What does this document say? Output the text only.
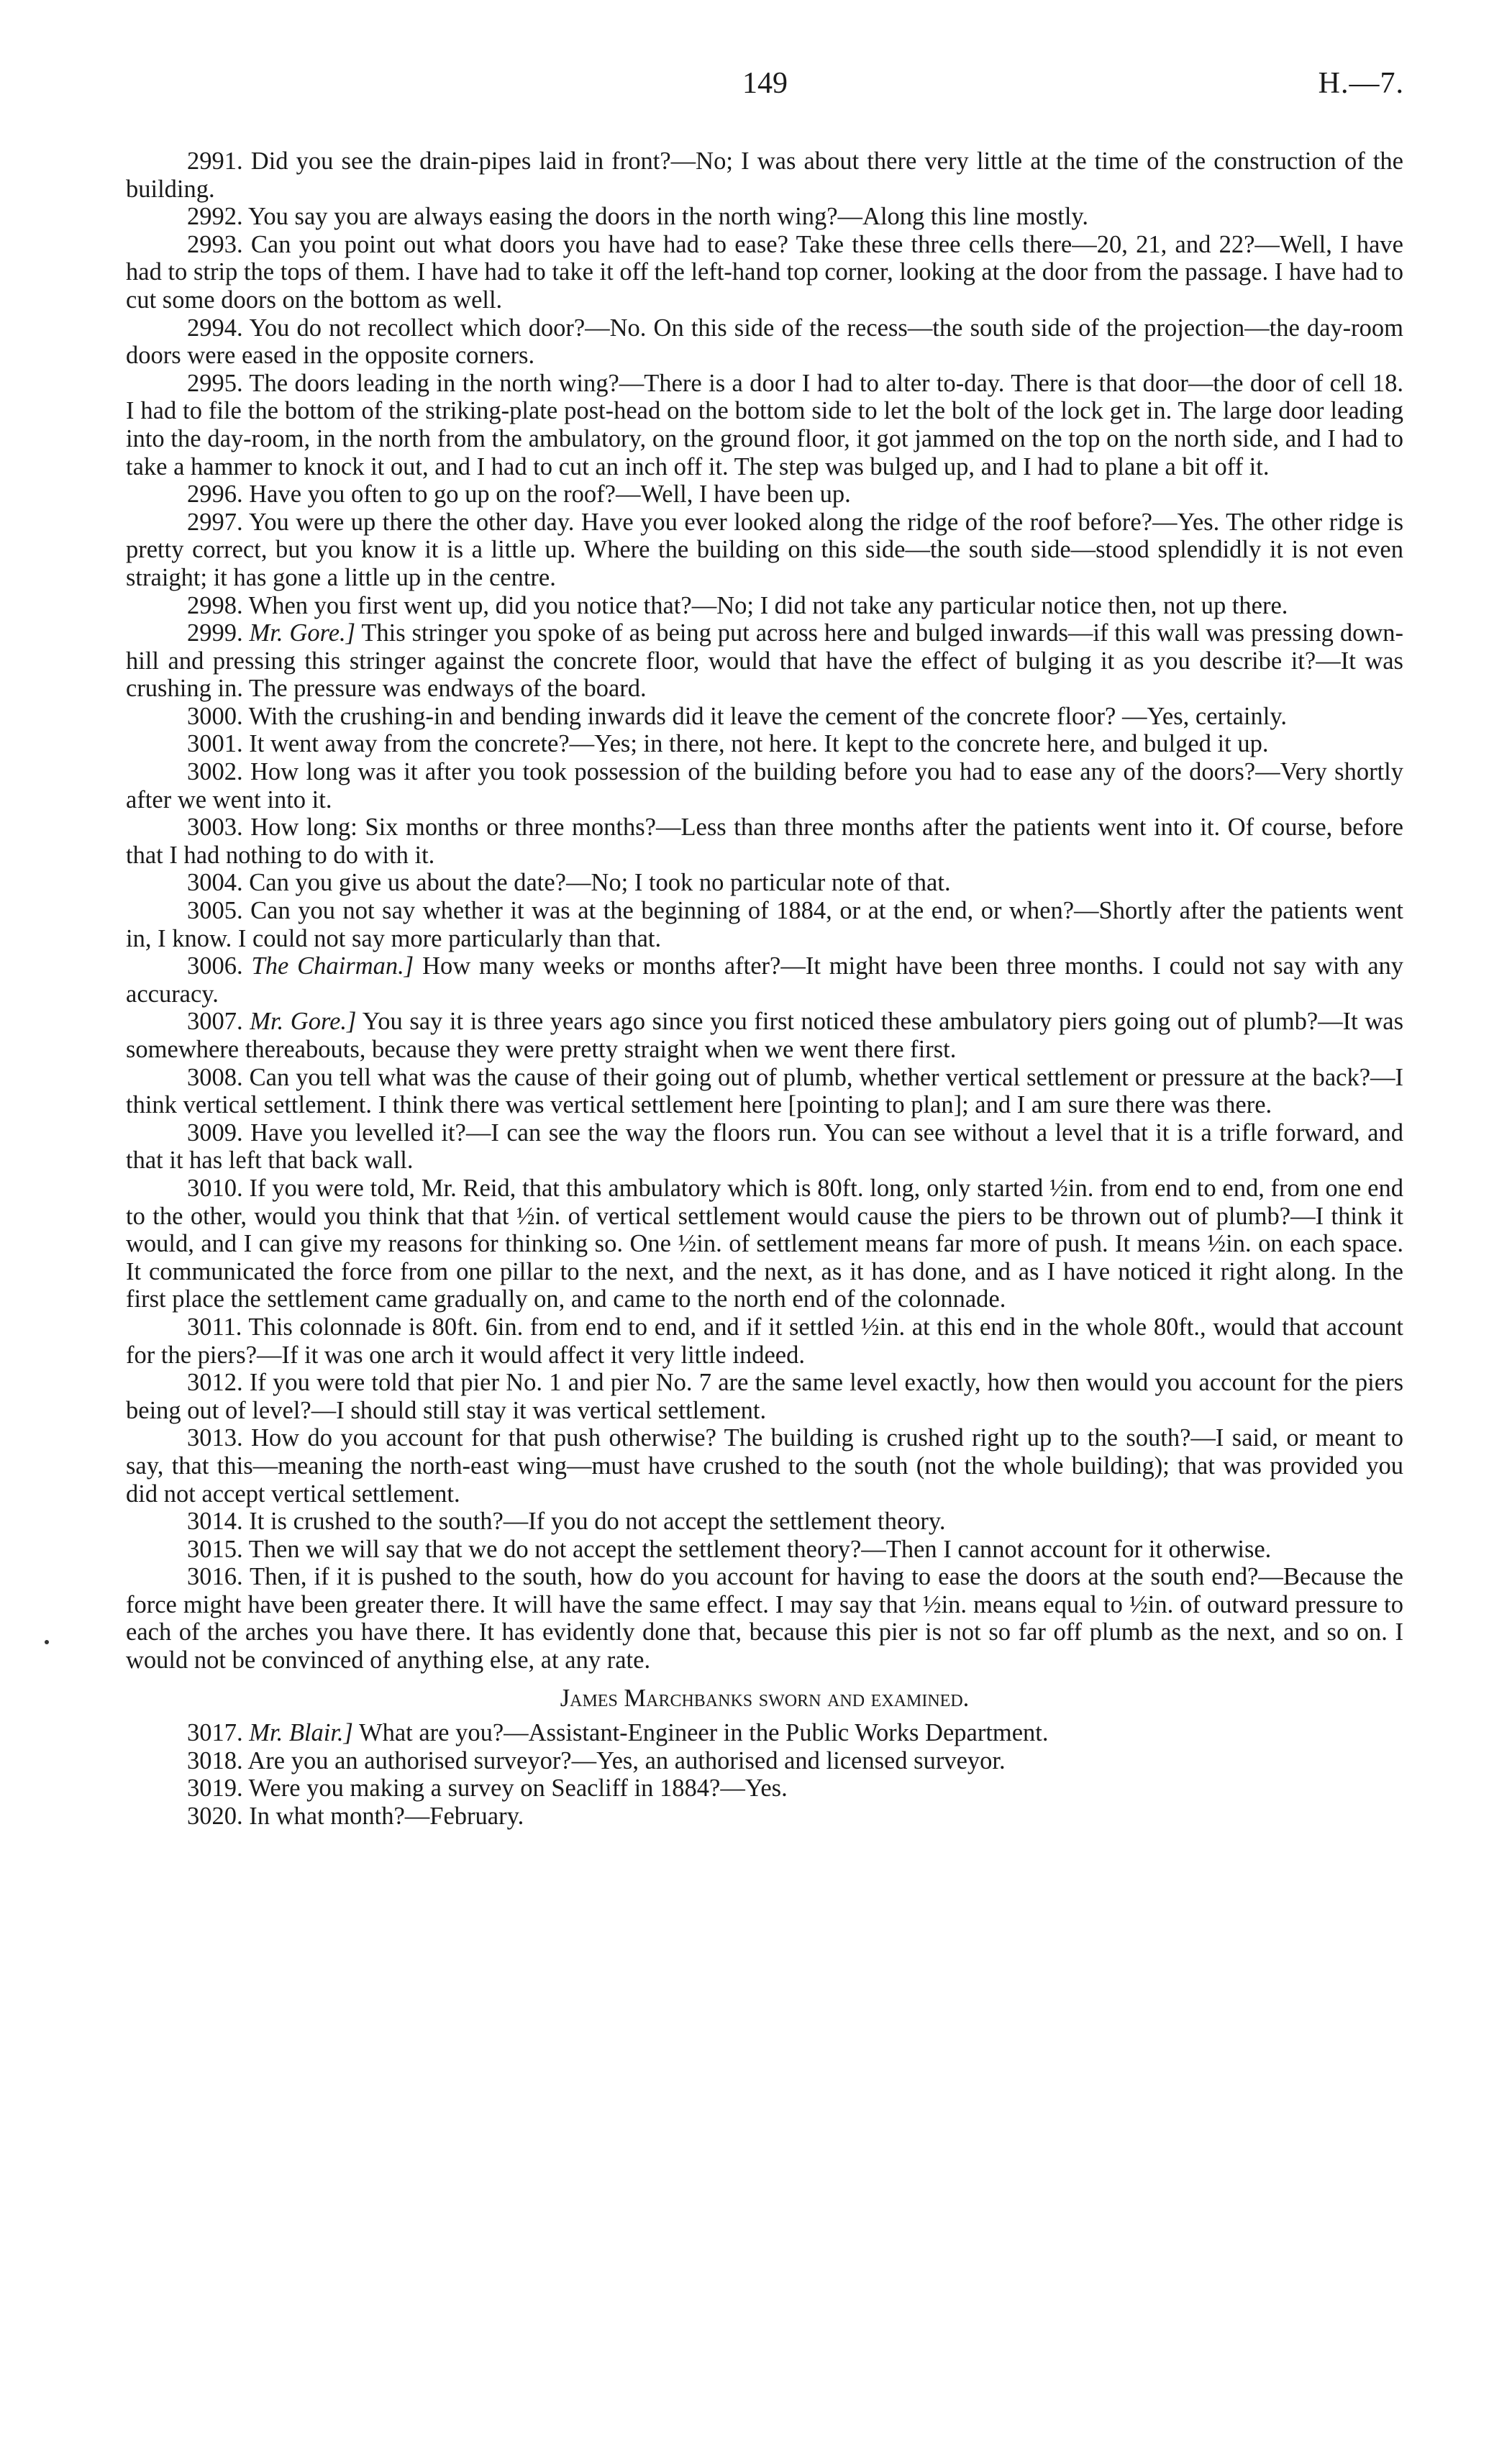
149	H.—7.

2991. Did you see the drain-pipes laid in front?—No; I was about there very little at the time of the construction of the building.

2992. You say you are always easing the doors in the north wing?—Along this line mostly.

2993. Can you point out what doors you have had to ease? Take these three cells there—20, 21, and 22?—Well, I have had to strip the tops of them. I have had to take it off the left-hand top corner, looking at the door from the passage. I have had to cut some doors on the bottom as well.

2994. You do not recollect which door?—No. On this side of the recess—the south side of the projection—the day-room doors were eased in the opposite corners.

2995. The doors leading in the north wing?—There is a door I had to alter to-day. There is that door—the door of cell 18. I had to file the bottom of the striking-plate post-head on the bottom side to let the bolt of the lock get in. The large door leading into the day-room, in the north from the ambulatory, on the ground floor, it got jammed on the top on the north side, and I had to take a hammer to knock it out, and I had to cut an inch off it. The step was bulged up, and I had to plane a bit off it.

2996. Have you often to go up on the roof?—Well, I have been up.

2997. You were up there the other day. Have you ever looked along the ridge of the roof before?—Yes. The other ridge is pretty correct, but you know it is a little up. Where the building on this side—the south side—stood splendidly it is not even straight; it has gone a little up in the centre.

2998. When you first went up, did you notice that?—No; I did not take any particular notice then, not up there.

2999. Mr. Gore.] This stringer you spoke of as being put across here and bulged inwards—if this wall was pressing down-hill and pressing this stringer against the concrete floor, would that have the effect of bulging it as you describe it?—It was crushing in. The pressure was endways of the board.

3000. With the crushing-in and bending inwards did it leave the cement of the concrete floor? —Yes, certainly.

3001. It went away from the concrete?—Yes; in there, not here. It kept to the concrete here, and bulged it up.

3002. How long was it after you took possession of the building before you had to ease any of the doors?—Very shortly after we went into it.

3003. How long: Six months or three months?—Less than three months after the patients went into it. Of course, before that I had nothing to do with it.

3004. Can you give us about the date?—No; I took no particular note of that.

3005. Can you not say whether it was at the beginning of 1884, or at the end, or when?—Shortly after the patients went in, I know. I could not say more particularly than that.

3006. The Chairman.] How many weeks or months after?—It might have been three months. I could not say with any accuracy.

3007. Mr. Gore.] You say it is three years ago since you first noticed these ambulatory piers going out of plumb?—It was somewhere thereabouts, because they were pretty straight when we went there first.

3008. Can you tell what was the cause of their going out of plumb, whether vertical settlement or pressure at the back?—I think vertical settlement. I think there was vertical settlement here [pointing to plan]; and I am sure there was there.

3009. Have you levelled it?—I can see the way the floors run. You can see without a level that it is a trifle forward, and that it has left that back wall.

3010. If you were told, Mr. Reid, that this ambulatory which is 80ft. long, only started ½in. from end to end, from one end to the other, would you think that that ½in. of vertical settlement would cause the piers to be thrown out of plumb?—I think it would, and I can give my reasons for thinking so. One ½in. of settlement means far more of push. It means ½in. on each space. It communicated the force from one pillar to the next, and the next, as it has done, and as I have noticed it right along. In the first place the settlement came gradually on, and came to the north end of the colonnade.

3011. This colonnade is 80ft. 6in. from end to end, and if it settled ½in. at this end in the whole 80ft., would that account for the piers?—If it was one arch it would affect it very little indeed.

3012. If you were told that pier No. 1 and pier No. 7 are the same level exactly, how then would you account for the piers being out of level?—I should still stay it was vertical settlement.

3013. How do you account for that push otherwise? The building is crushed right up to the south?—I said, or meant to say, that this—meaning the north-east wing—must have crushed to the south (not the whole building); that was provided you did not accept vertical settlement.

3014. It is crushed to the south?—If you do not accept the settlement theory.

3015. Then we will say that we do not accept the settlement theory?—Then I cannot account for it otherwise.

3016. Then, if it is pushed to the south, how do you account for having to ease the doors at the south end?—Because the force might have been greater there. It will have the same effect. I may say that ½in. means equal to ½in. of outward pressure to each of the arches you have there. It has evidently done that, because this pier is not so far off plumb as the next, and so on. I would not be convinced of anything else, at any rate.

James Marchbanks sworn and examined.

3017. Mr. Blair.] What are you?—Assistant-Engineer in the Public Works Department.

3018. Are you an authorised surveyor?—Yes, an authorised and licensed surveyor.

3019. Were you making a survey on Seacliff in 1884?—Yes.

3020. In what month?—February.
